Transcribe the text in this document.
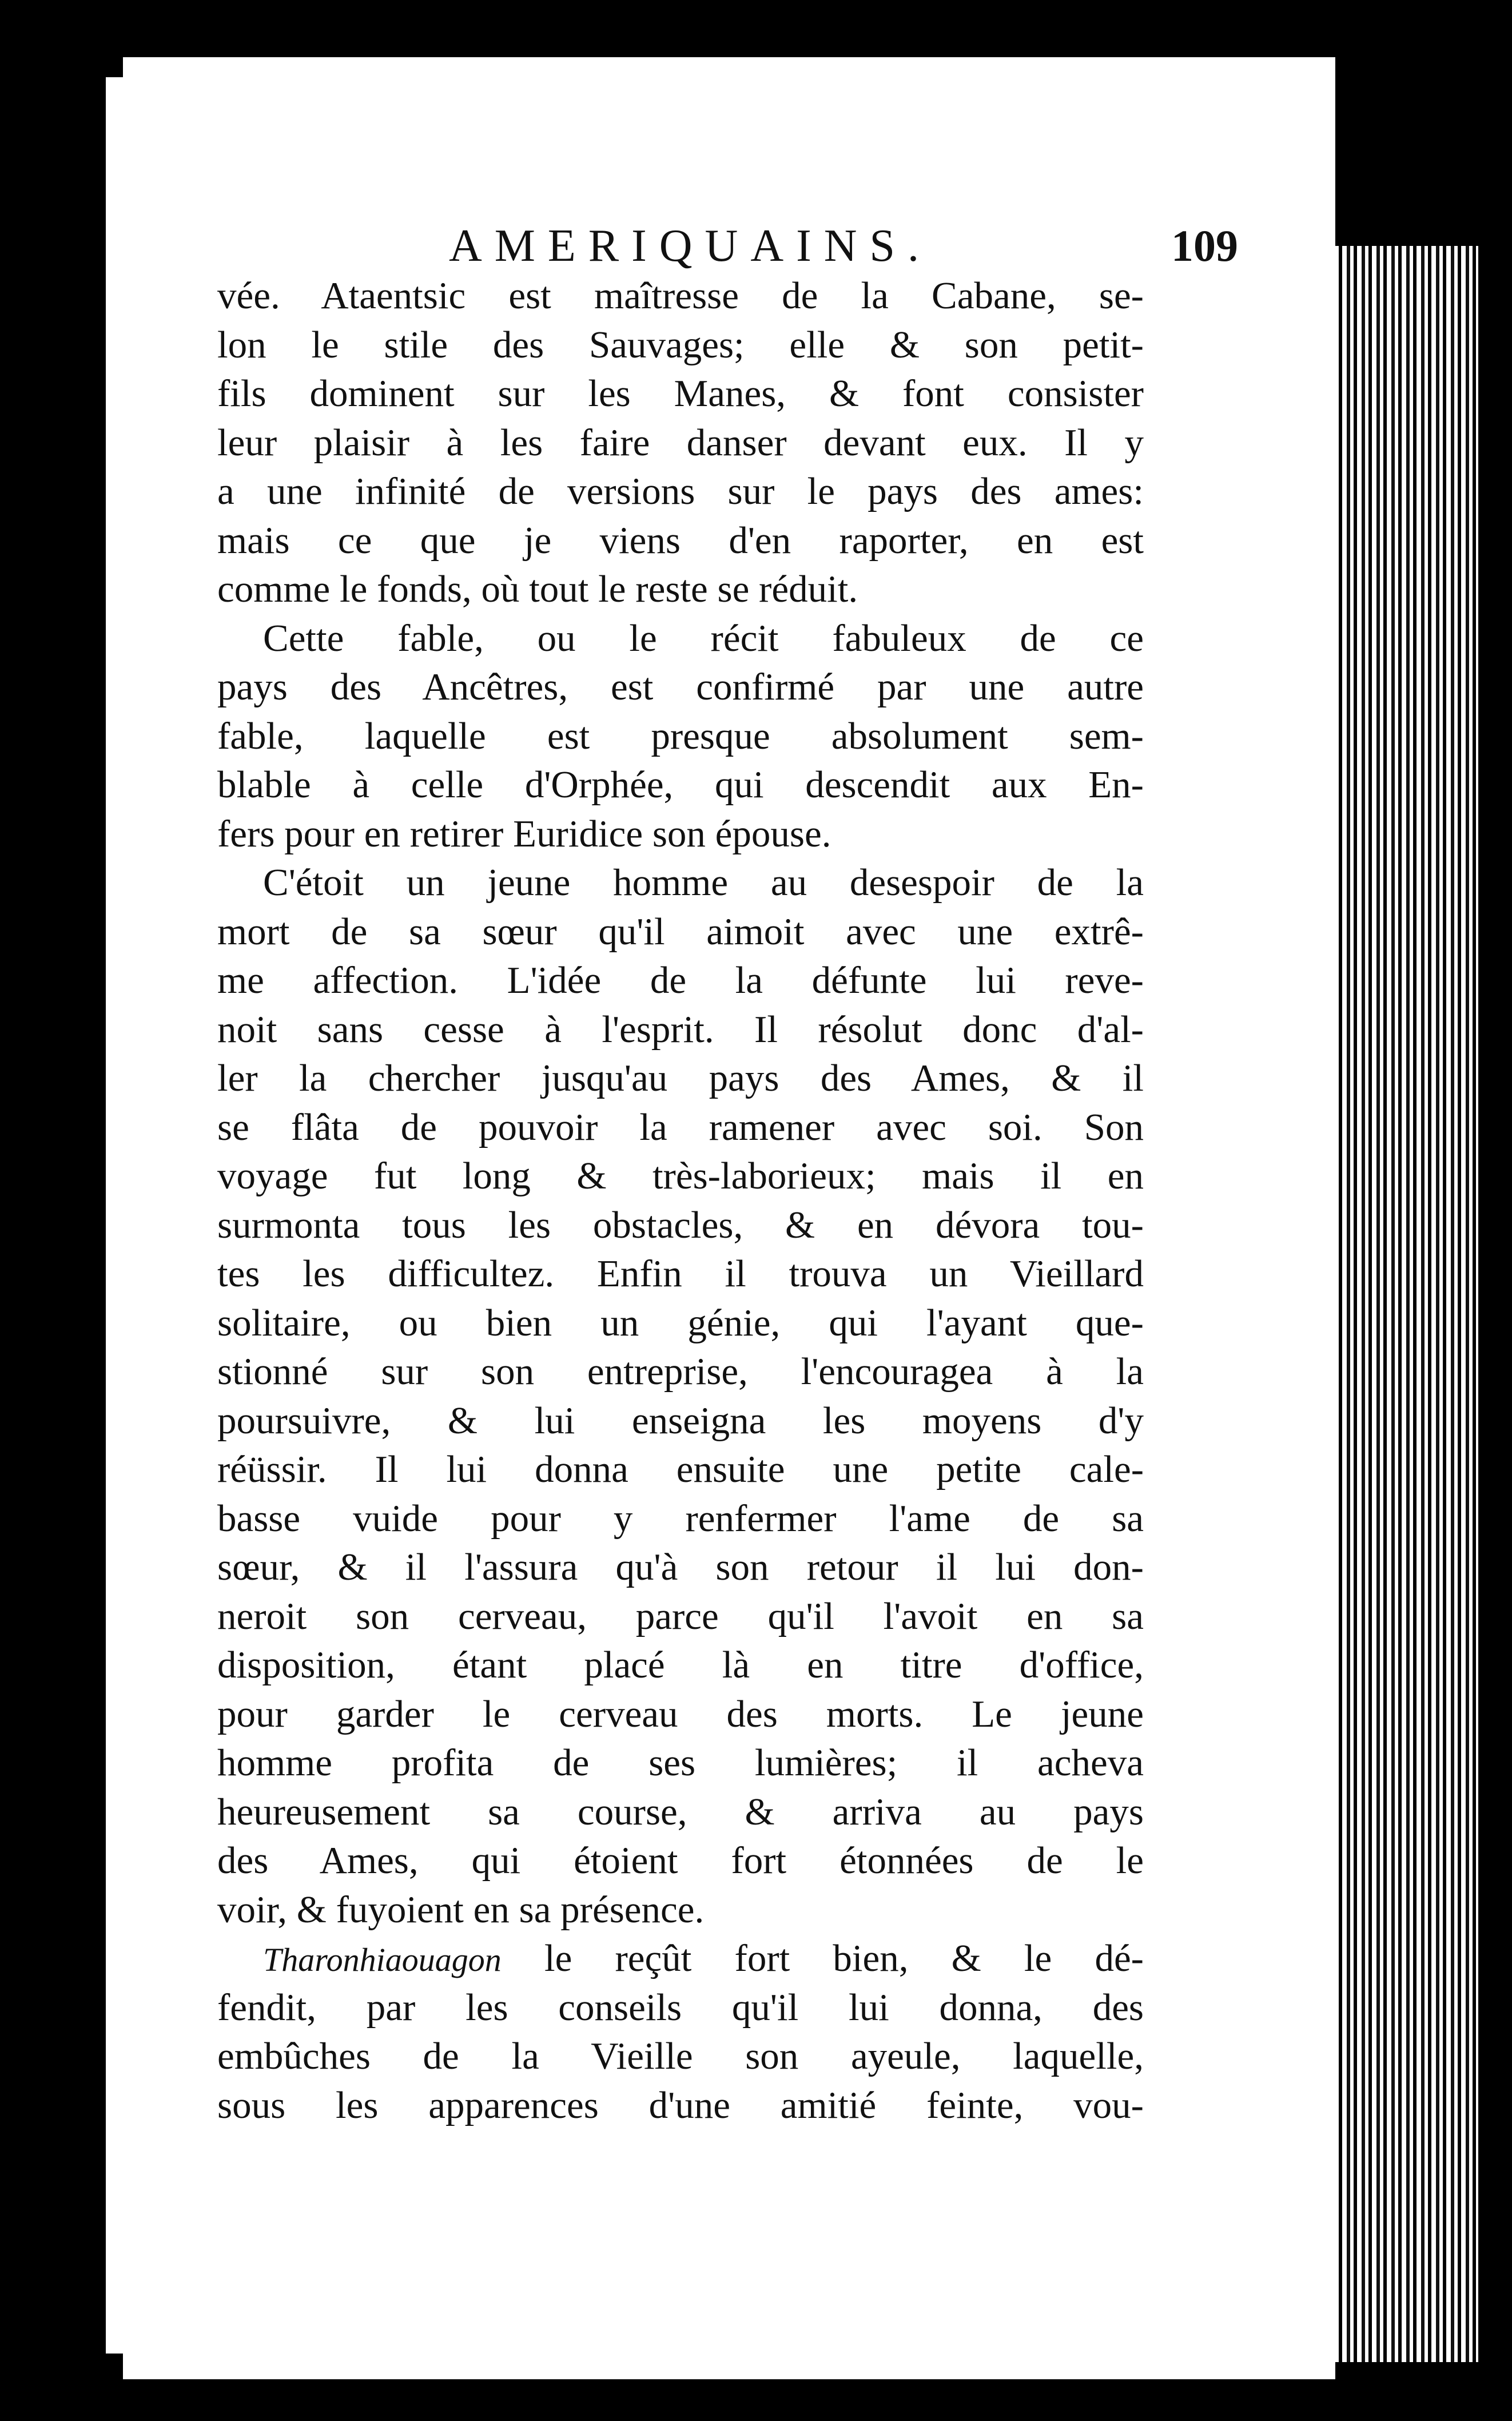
AMERIQUAINS.	109
vée. Ataentsic est maîtresse de la Cabane, se-
lon le stile des Sauvages; elle & son petit-
fils dominent sur les Manes, & font consister
leur plaisir à les faire danser devant eux. Il y
a une infinité de versions sur le pays des ames:
mais ce que je viens d'en raporter, en est
comme le fonds, où tout le reste se réduit.
Cette fable, ou le récit fabuleux de ce
pays des Ancêtres, est confirmé par une autre
fable, laquelle est presque absolument sem-
blable à celle d'Orphée, qui descendit aux En-
fers pour en retirer Euridice son épouse.
C'étoit un jeune homme au desespoir de la
mort de sa sœur qu'il aimoit avec une extrê-
me affection. L'idée de la défunte lui reve-
noit sans cesse à l'esprit. Il résolut donc d'al-
ler la chercher jusqu'au pays des Ames, & il
se flâta de pouvoir la ramener avec soi. Son
voyage fut long & très-laborieux; mais il en
surmonta tous les obstacles, & en dévora tou-
tes les difficultez. Enfin il trouva un Vieillard
solitaire, ou bien un génie, qui l'ayant que-
stionné sur son entreprise, l'encouragea à la
poursuivre, & lui enseigna les moyens d'y
réüssir. Il lui donna ensuite une petite cale-
basse vuide pour y renfermer l'ame de sa
sœur, & il l'assura qu'à son retour il lui don-
neroit son cerveau, parce qu'il l'avoit en sa
disposition, étant placé là en titre d'office,
pour garder le cerveau des morts. Le jeune
homme profita de ses lumières; il acheva
heureusement sa course, & arriva au pays
des Ames, qui étoient fort étonnées de le
voir, & fuyoient en sa présence.
Tharonhiaouagon le reçût fort bien, & le dé-
fendit, par les conseils qu'il lui donna, des
embûches de la Vieille son ayeule, laquelle,
sous les apparences d'une amitié feinte, vou-
